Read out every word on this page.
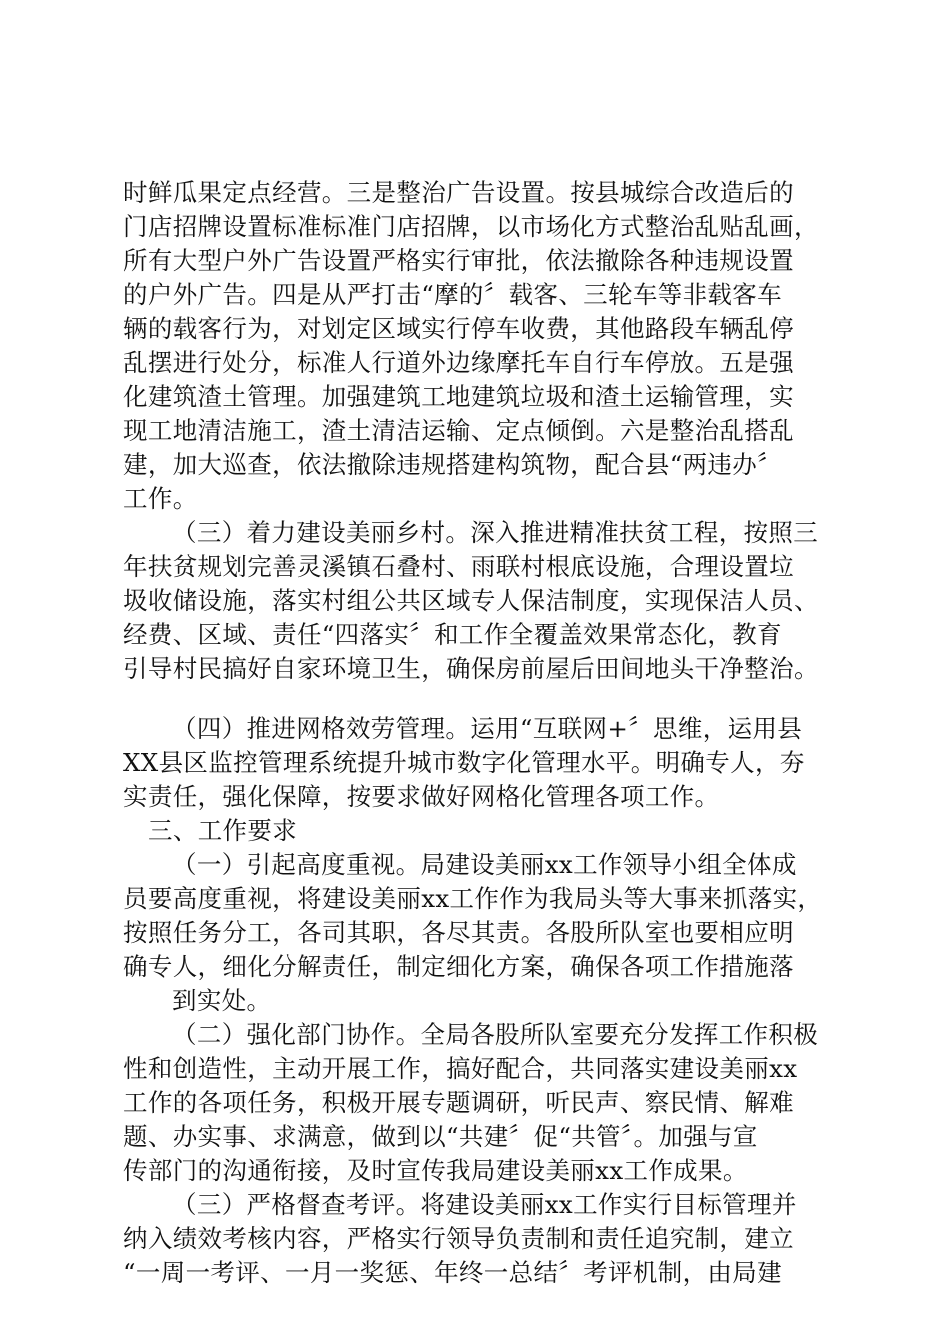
时鲜瓜果定点经营。三是整治广告设置。按县城综合改造后的
门店招牌设置标准标准门店招牌，以市场化方式整治乱贴乱画，
所有大型户外广告设置严格实行审批，依法撤除各种违规设置
的户外广告。四是从严打击“摩的〞载客、三轮车等非载客车
辆的载客行为，对划定区域实行停车收费，其他路段车辆乱停
乱摆进行处分，标准人行道外边缘摩托车自行车停放。五是强
化建筑渣土管理。加强建筑工地建筑垃圾和渣土运输管理，实
现工地清洁施工，渣土清洁运输、定点倾倒。六是整治乱搭乱
建，加大巡查，依法撤除违规搭建构筑物，配合县“两违办〞
工作。
（三）着力建设美丽乡村。深入推进精准扶贫工程，按照三
年扶贫规划完善灵溪镇石叠村、雨联村根底设施，合理设置垃
圾收储设施，落实村组公共区域专人保洁制度，实现保洁人员、
经费、区域、责任“四落实〞和工作全覆盖效果常态化，教育
引导村民搞好自家环境卫生，确保房前屋后田间地头干净整治。
（四）推进网格效劳管理。运用“互联网+〞思维，运用县
XX县区监控管理系统提升城市数字化管理水平。明确专人，夯
实责任，强化保障，按要求做好网格化管理各项工作。
三、工作要求
（一）引起高度重视。局建设美丽xx工作领导小组全体成
员要高度重视，将建设美丽xx工作作为我局头等大事来抓落实，
按照任务分工，各司其职，各尽其责。各股所队室也要相应明
确专人，细化分解责任，制定细化方案，确保各项工作措施落
到实处。
（二）强化部门协作。全局各股所队室要充分发挥工作积极
性和创造性，主动开展工作，搞好配合，共同落实建设美丽xx
工作的各项任务，积极开展专题调研，听民声、察民情、解难
题、办实事、求满意，做到以“共建〞促“共管〞。加强与宣
传部门的沟通衔接，及时宣传我局建设美丽xx工作成果。
（三）严格督查考评。将建设美丽xx工作实行目标管理并
纳入绩效考核内容，严格实行领导负责制和责任追究制，建立
“一周一考评、一月一奖惩、年终一总结〞考评机制，由局建
